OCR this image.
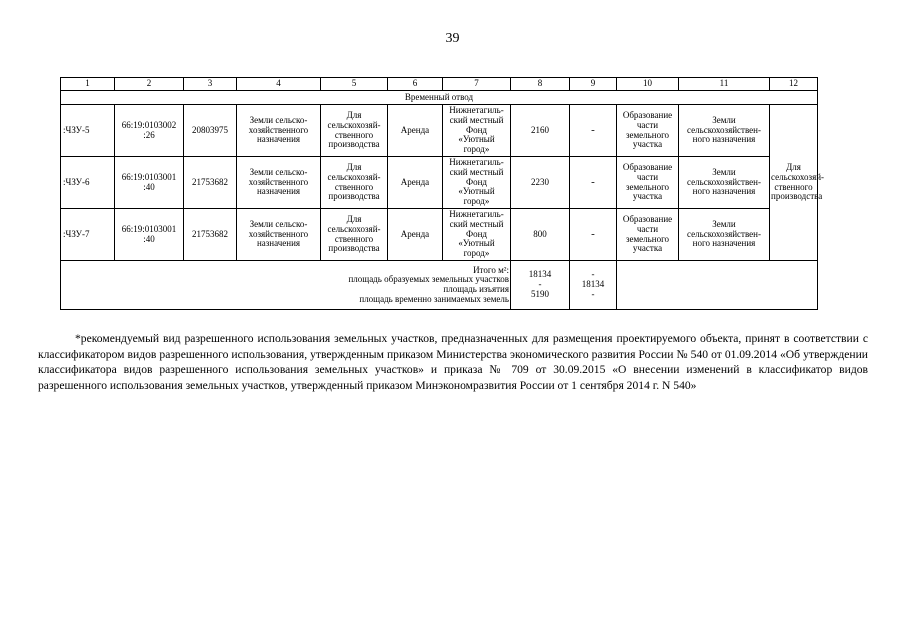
39
1	2	3	4	5	6	7	8	9	10	11	12
Временный отвод											
:ЧЗУ-5	66:19:0103002
:26	20803975	Земли сельско-
хозяйственного
назначения	Для
сельскохозяй-
ственного
производства	Аренда	Нижнетагиль-
ский местный
Фонд
«Уютный
город»	2160	-	Образование
части
земельного
участка	Земли
сельскохозяйствен-
ного назначения	Для
сельскохозяй-
ственного
производства
:ЧЗУ-6	66:19:0103001
:40	21753682	Земли сельско-
хозяйственного
назначения	Для
сельскохозяй-
ственного
производства	Аренда	Нижнетагиль-
ский местный
Фонд
«Уютный
город»	2230	-	Образование
части
земельного
участка	Земли
сельскохозяйствен-
ного назначения	
:ЧЗУ-7	66:19:0103001
:40	21753682	Земли сельско-
хозяйственного
назначения	Для
сельскохозяй-
ственного
производства	Аренда	Нижнетагиль-
ский местный
Фонд
«Уютный
город»	800	-	Образование
части
земельного
участка	Земли
сельскохозяйствен-
ного назначения	
Итого м²:
площадь образуемых земельных участков
площадь изъятия
площадь временно занимаемых земель							18134
-
5190	-
18134
-			

*рекомендуемый вид разрешенного использования земельных участков, предназначенных для размещения проектируемого объекта, принят в соответствии с классификатором видов разрешенного использования, утвержденным приказом Министерства экономического развития России № 540 от 01.09.2014 «Об утверждении классификатора видов разрешенного использования земельных участков» и приказа № 709 от 30.09.2015 «О внесении изменений в классификатор видов разрешенного использования земельных участков, утвержденный приказом Минэкономразвития России от 1 сентября 2014 г. N 540»
